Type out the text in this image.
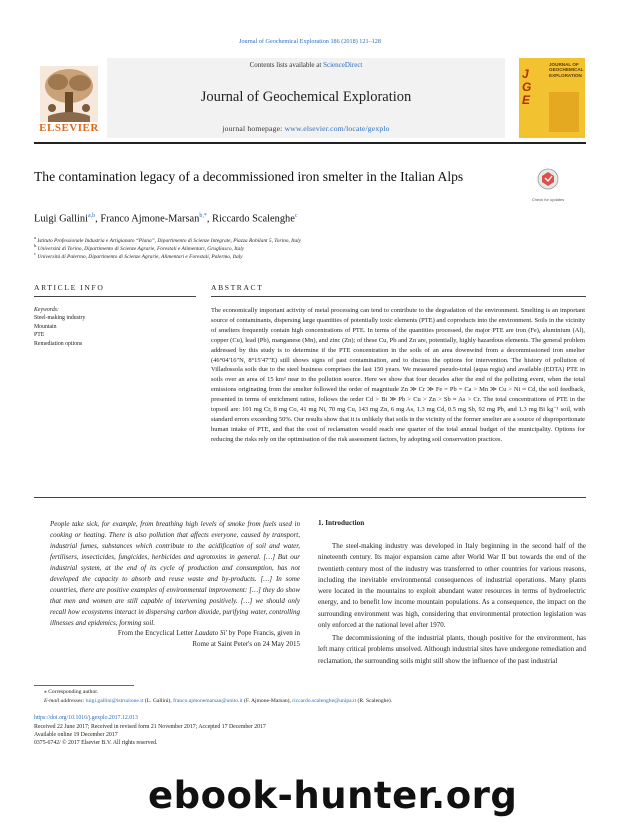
Journal of Geochemical Exploration 186 (2018) 121–128
Contents lists available at ScienceDirect
Journal of Geochemical Exploration
journal homepage: www.elsevier.com/locate/gexplo
ELSEVIER
JOURNAL OF GEOCHEMICAL EXPLORATION
JGE
The contamination legacy of a decommissioned iron smelter in the Italian Alps
Check for updates
Luigi Gallini$^{a,b}$, Franco Ajmone-Marsan$^{b,*}$, Riccardo Scalenghe$^c$
$^a$ Istituto Professionale Industria e Artigianato “Plana”, Dipartimento di Scienze Integrate, Piazza Robilant 5, Torino, Italy
$^b$ Università di Torino, Dipartimento di Scienze Agrarie, Forestali e Alimentari, Grugliasco, Italy
$^c$ Università di Palermo, Dipartimento di Scienze Agrarie, Alimentari e Forestali, Palermo, Italy
ARTICLE INFO
Keywords:
Steel-making industry
Mountain
PTE
Remediation options
ABSTRACT
The economically important activity of metal processing can tend to contribute to the degradation of the environment. Smelting is an important source of contaminants, dispersing large quantities of potentially toxic elements (PTE) and coproducts into the environment. Soils in the vicinity of smelters frequently contain high concentrations of PTE. In terms of the quantities processed, the major PTE are iron (Fe), aluminium (Al), copper (Cu), lead (Pb), manganese (Mn), and zinc (Zn); of these Cu, Pb and Zn are, potentially, highly hazardous elements. The general problem addressed by this study is to determine if the PTE concentration in the soils of an area downwind from a decommissioned iron smelter (46°04′16″N, 8°15′47″E) still shows signs of past contamination, and to discuss the options for intervention. The history of pollution of Villadossola soils due to the steel business comprises the last 150 years. We measured pseudo-total (aqua regia) and available (EDTA) PTE in soils over an area of 15 km² near to the pollution source. Here we show that four decades after the end of the polluting event, when the total emissions originating from the smelter followed the order of magnitude Zn ≫ Cr ≫ Fe = Pb = Ca > Mn ≫ Cu > Ni ≈ Cd, the soil feedback, presented in terms of enrichment ratios, follows the order Cd > Bi ≫ Pb > Cu > Zn > Sb ≈ As > Cr. The total concentrations of PTE in the topsoil are: 101 mg Cr, 8 mg Co, 41 mg Ni, 70 mg Cu, 143 mg Zn, 6 mg As, 1.3 mg Cd, 0.5 mg Sb, 92 mg Pb, and 1.3 mg Bi kg⁻¹ soil, with standard errors exceeding 50%. Our results show that it is unlikely that soils in the vicinity of the former smelter are a source of disproportionate human intake of PTE, and that the cost of reclamation would reach one quarter of the total annual budget of the municipality. Options for reducing the risks rely on the optimisation of the risk assessment factors, by adopting soil conservation practices.
People take sick, for example, from breathing high levels of smoke from fuels used in cooking or heating. There is also pollution that affects everyone, caused by transport, industrial fumes, substances which contribute to the acidification of soil and water, fertilisers, insecticides, fungicides, herbicides and agrotoxins in general. […] But our industrial system, at the end of its cycle of production and consumption, has not developed the capacity to absorb and reuse waste and by-products. […] In some countries, there are positive examples of environmental improvement: […] they do show that men and women are still capable of intervening positively. […] we should only recall how ecosystems interact in dispersing carbon dioxide, purifying water, controlling illnesses and epidemics, forming soil.
From the Encyclical Letter Laudato Si' by Pope Francis, given in
Rome at Saint Peter's on 24 May 2015
1. Introduction
The steel-making industry was developed in Italy beginning in the second half of the nineteenth century. Its major expansion came after World War II but towards the end of the twentieth century most of the industry was transferred to other countries for various reasons, including the inevitable environmental consequences of industrial operations. Many plants were located in the mountains to exploit abundant water resources in terms of hydroelectric energy, and to benefit low income mountain populations. As a consequence, the impact on the surrounding environment was high, considering that environmental protection legislation was only enforced at the national level after 1970.
The decommissioning of the industrial plants, though positive for the environment, has left many critical problems unsolved. Although industrial sites have undergone remediation and reclamation, the surrounding soils might still show the influence of the past industrial
⁎ Corresponding author.
E-mail addresses: luigi.gallini@istruzione.it (L. Gallini), franco.ajmonemarsan@unito.it (F. Ajmone-Marsan), riccardo.scalenghe@unipa.it (R. Scalenghe).
https://doi.org/10.1016/j.gexplo.2017.12.013
Received 22 June 2017; Received in revised form 21 November 2017; Accepted 17 December 2017
Available online 19 December 2017
0375-6742/ © 2017 Elsevier B.V. All rights reserved.
ebook-hunter.org
